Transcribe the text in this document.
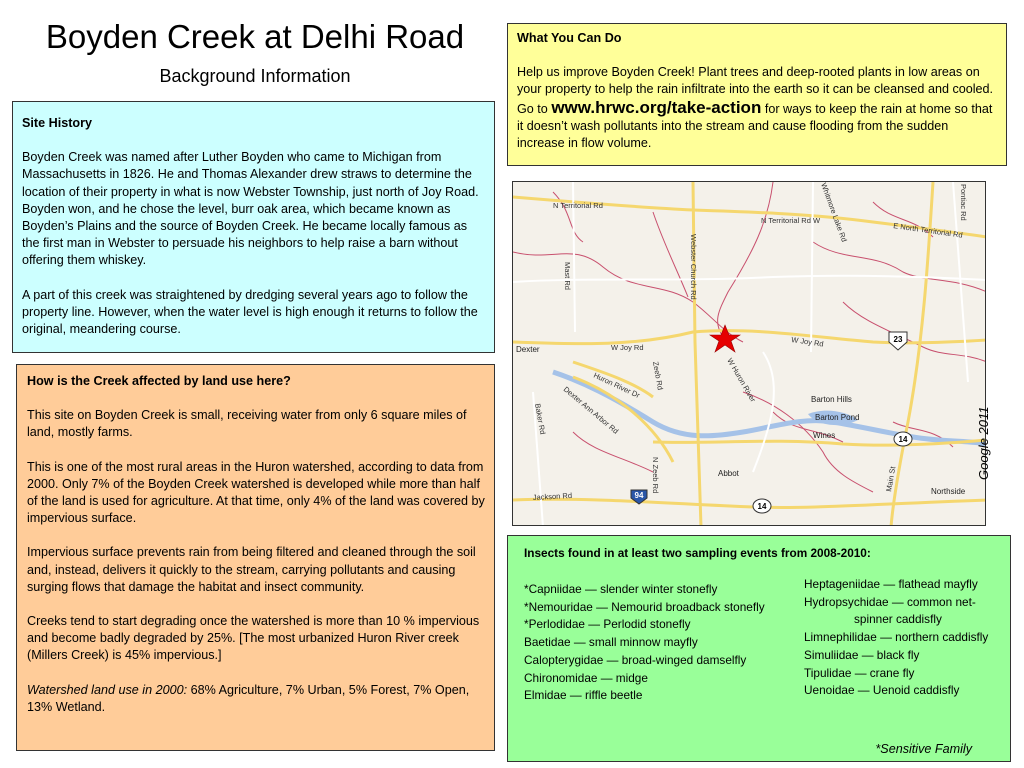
Boyden Creek at Delhi Road
Background Information
Site History

Boyden Creek was named after Luther Boyden who came to Michigan from Massachusetts in 1826. He and Thomas Alexander drew straws to determine the location of their property in what is now Webster Township, just north of Joy Road. Boyden won, and he chose the level, burr oak area, which became known as Boyden’s Plains and the source of Boyden Creek. He became locally famous as the first man in Webster to persuade his neighbors to help raise a barn without offering them whiskey.

A part of this creek was straightened by dredging several years ago to follow the property line. However, when the water level is high enough it returns to follow the original, meandering course.

What You Can Do

Help us improve Boyden Creek! Plant trees and deep-rooted plants in low areas on your property to help the rain infiltrate into the earth so it can be cleansed and cooled. Go to www.hrwc.org/take-action for ways to keep the rain at home so that it doesn’t wash pollutants into the stream and cause flooding from the sudden increase in flow volume.

N Territorial Rd
N Territorial Rd W
E North Territorial Rd
Webster Church Rd
Mast Rd
Whitmore Lake Rd	Pontiac Rd
W Joy Rd	W Joy Rd
Huron River Dr	W Huron River
Zeeb Rd
N Zeeb Rd
Dexter Ann Arbor Rd
Baker Rd
Jackson Rd
Main St
Dexter
Barton Hills
Barton Pond
Wines
Abbot
Northside
23
14
14
94
Google 2011
How is the Creek affected by land use here?

This site on Boyden Creek is small, receiving water from only 6 square miles of land, mostly farms.

This is one of the most rural areas in the Huron watershed, according to data from 2000. Only 7% of the Boyden Creek watershed is developed while more than half of the land is used for agriculture. At that time, only 4% of the land was covered by impervious surface.

Impervious surface prevents rain from being filtered and cleaned through the soil and, instead, delivers it quickly to the stream, carrying pollutants and causing surging flows that damage the habitat and insect community.

Creeks tend to start degrading once the watershed is more than 10 % impervious and become badly degraded by 25%. [The most urbanized Huron River creek (Millers Creek) is 45% impervious.]

Watershed land use in 2000: 68% Agriculture, 7% Urban, 5% Forest, 7% Open, 13% Wetland.

Insects found in at least two sampling events from 2008-2010:
*Capniidae — slender winter stonefly
*Nemouridae — Nemourid broadback stonefly
*Perlodidae — Perlodid stonefly
Baetidae — small minnow mayfly
Calopterygidae — broad-winged damselfly
Chironomidae — midge
Elmidae — riffle beetle
Heptageniidae — flathead mayfly
Hydropsychidae — common net-spinner caddisfly
Limnephilidae — northern caddisfly
Simuliidae — black fly
Tipulidae — crane fly
Uenoidae — Uenoid caddisfly
*Sensitive Family
